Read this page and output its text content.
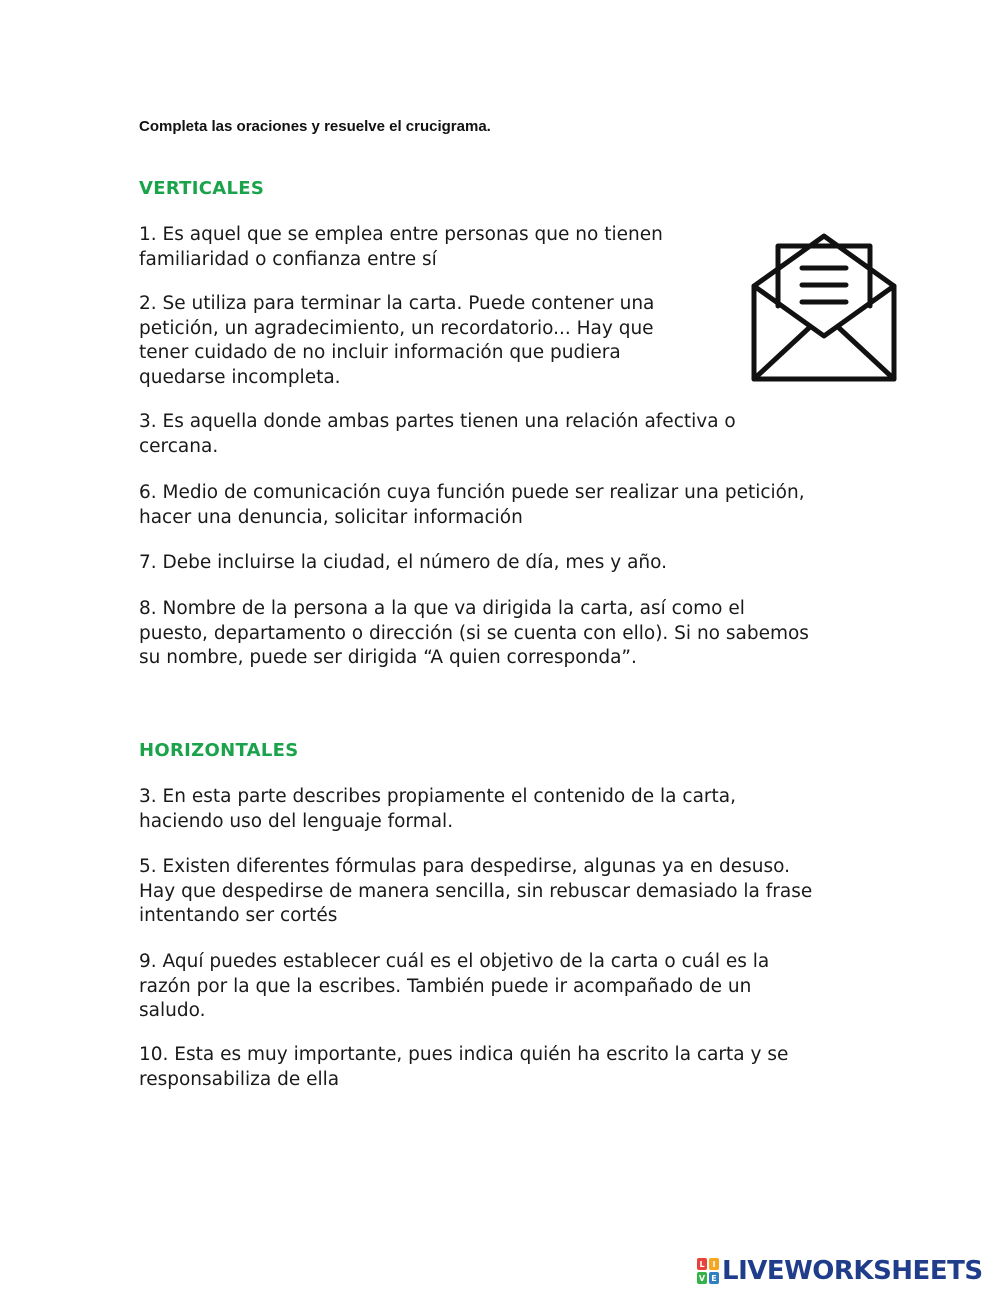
Completa las oraciones y resuelve el crucigrama.
VERTICALES
1. Es aquel que se emplea entre personas que no tienen
familiaridad o confianza entre sí
2. Se utiliza para terminar la carta. Puede contener una
petición, un agradecimiento, un recordatorio... Hay que
tener cuidado de no incluir información que pudiera
quedarse incompleta.
3. Es aquella donde ambas partes tienen una relación afectiva o
cercana.
6. Medio de comunicación cuya función puede ser realizar una petición,
hacer una denuncia, solicitar información
7. Debe incluirse la ciudad, el número de día, mes y año.
8. Nombre de la persona a la que va dirigida la carta, así como el
puesto, departamento o dirección (si se cuenta con ello). Si no sabemos
su nombre, puede ser dirigida “A quien corresponda”.
HORIZONTALES
3. En esta parte describes propiamente el contenido de la carta,
haciendo uso del lenguaje formal.
5. Existen diferentes fórmulas para despedirse, algunas ya en desuso.
Hay que despedirse de manera sencilla, sin rebuscar demasiado la frase
intentando ser cortés
9. Aquí puedes establecer cuál es el objetivo de la carta o cuál es la
razón por la que la escribes. También puede ir acompañado de un
saludo.
10. Esta es muy importante, pues indica quién ha escrito la carta y se
responsabiliza de ella
L I
V E LIVEWORKSHEETS
